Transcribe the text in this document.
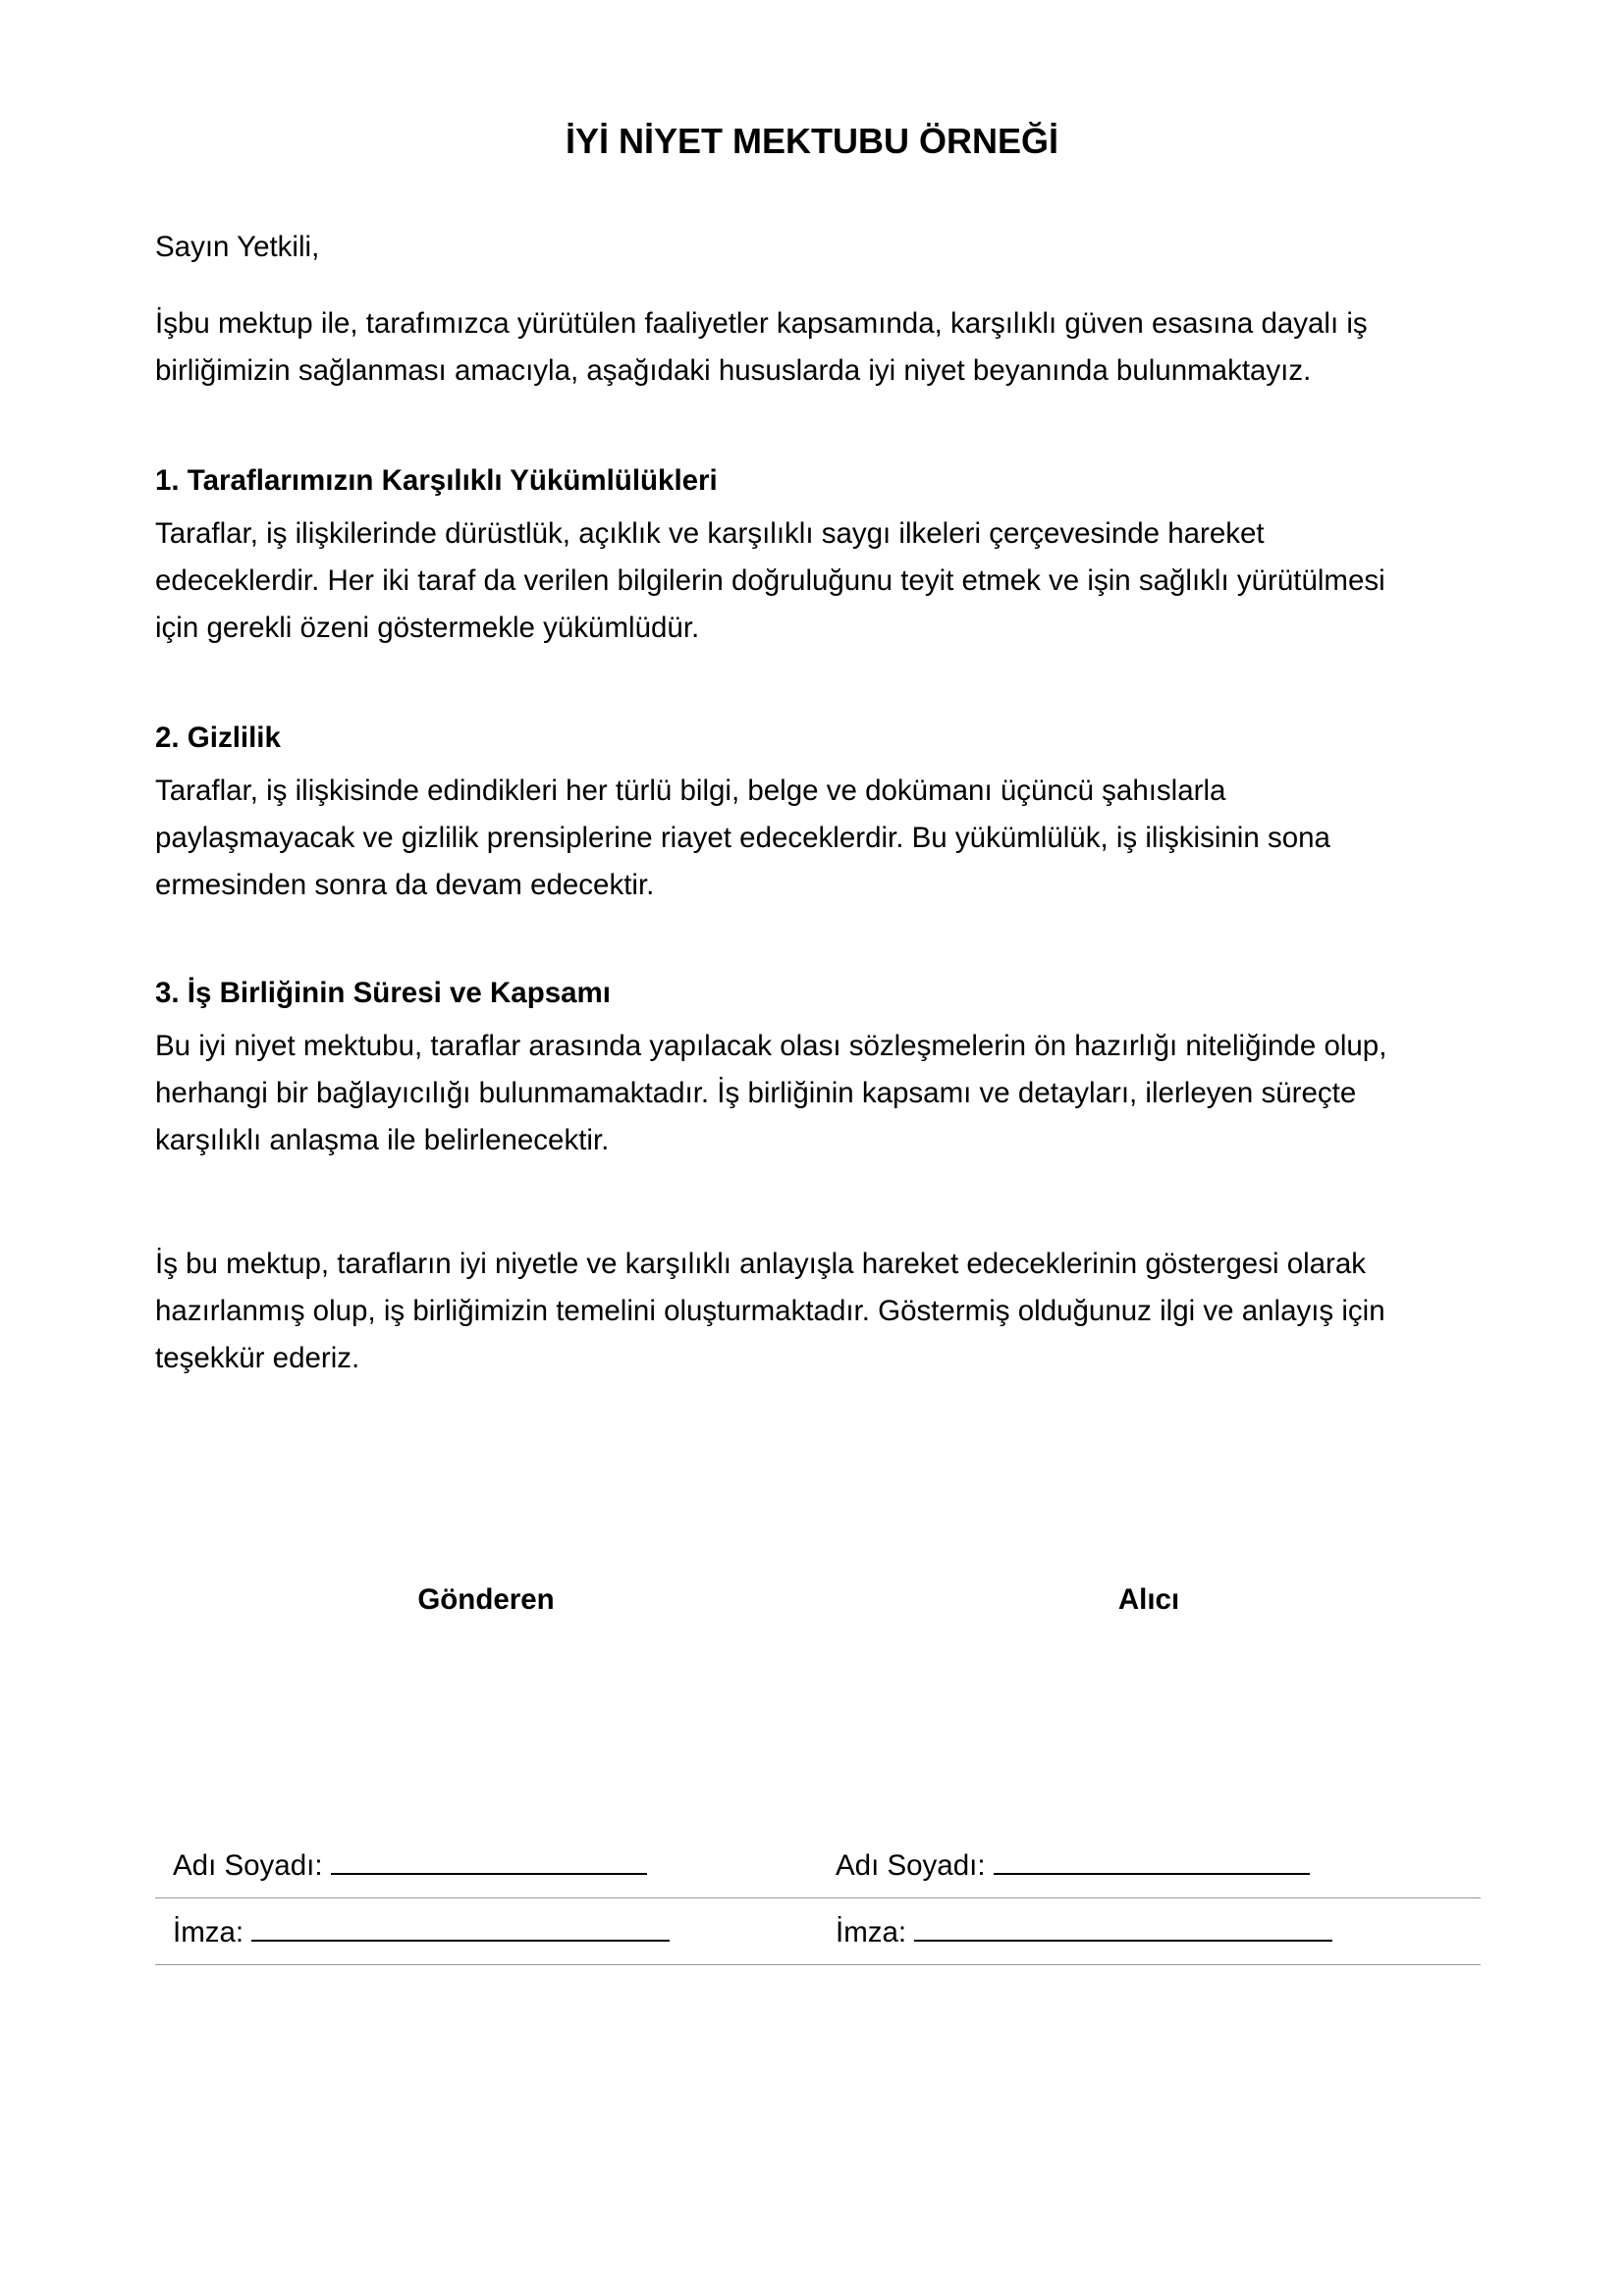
İYİ NİYET MEKTUBU ÖRNEĞİ
Sayın Yetkili,
İşbu mektup ile, tarafımızca yürütülen faaliyetler kapsamında, karşılıklı güven esasına dayalı iş
birliğimizin sağlanması amacıyla, aşağıdaki hususlarda iyi niyet beyanında bulunmaktayız.
1. Taraflarımızın Karşılıklı Yükümlülükleri
Taraflar, iş ilişkilerinde dürüstlük, açıklık ve karşılıklı saygı ilkeleri çerçevesinde hareket
edeceklerdir. Her iki taraf da verilen bilgilerin doğruluğunu teyit etmek ve işin sağlıklı yürütülmesi
için gerekli özeni göstermekle yükümlüdür.
2. Gizlilik
Taraflar, iş ilişkisinde edindikleri her türlü bilgi, belge ve dokümanı üçüncü şahıslarla
paylaşmayacak ve gizlilik prensiplerine riayet edeceklerdir. Bu yükümlülük, iş ilişkisinin sona
ermesinden sonra da devam edecektir.
3. İş Birliğinin Süresi ve Kapsamı
Bu iyi niyet mektubu, taraflar arasında yapılacak olası sözleşmelerin ön hazırlığı niteliğinde olup,
herhangi bir bağlayıcılığı bulunmamaktadır. İş birliğinin kapsamı ve detayları, ilerleyen süreçte
karşılıklı anlaşma ile belirlenecektir.
İş bu mektup, tarafların iyi niyetle ve karşılıklı anlayışla hareket edeceklerinin göstergesi olarak
hazırlanmış olup, iş birliğimizin temelini oluşturmaktadır. Göstermiş olduğunuz ilgi ve anlayış için
teşekkür ederiz.
Gönderen	Alıcı
Adı Soyadı:	Adı Soyadı:
İmza:	İmza:
